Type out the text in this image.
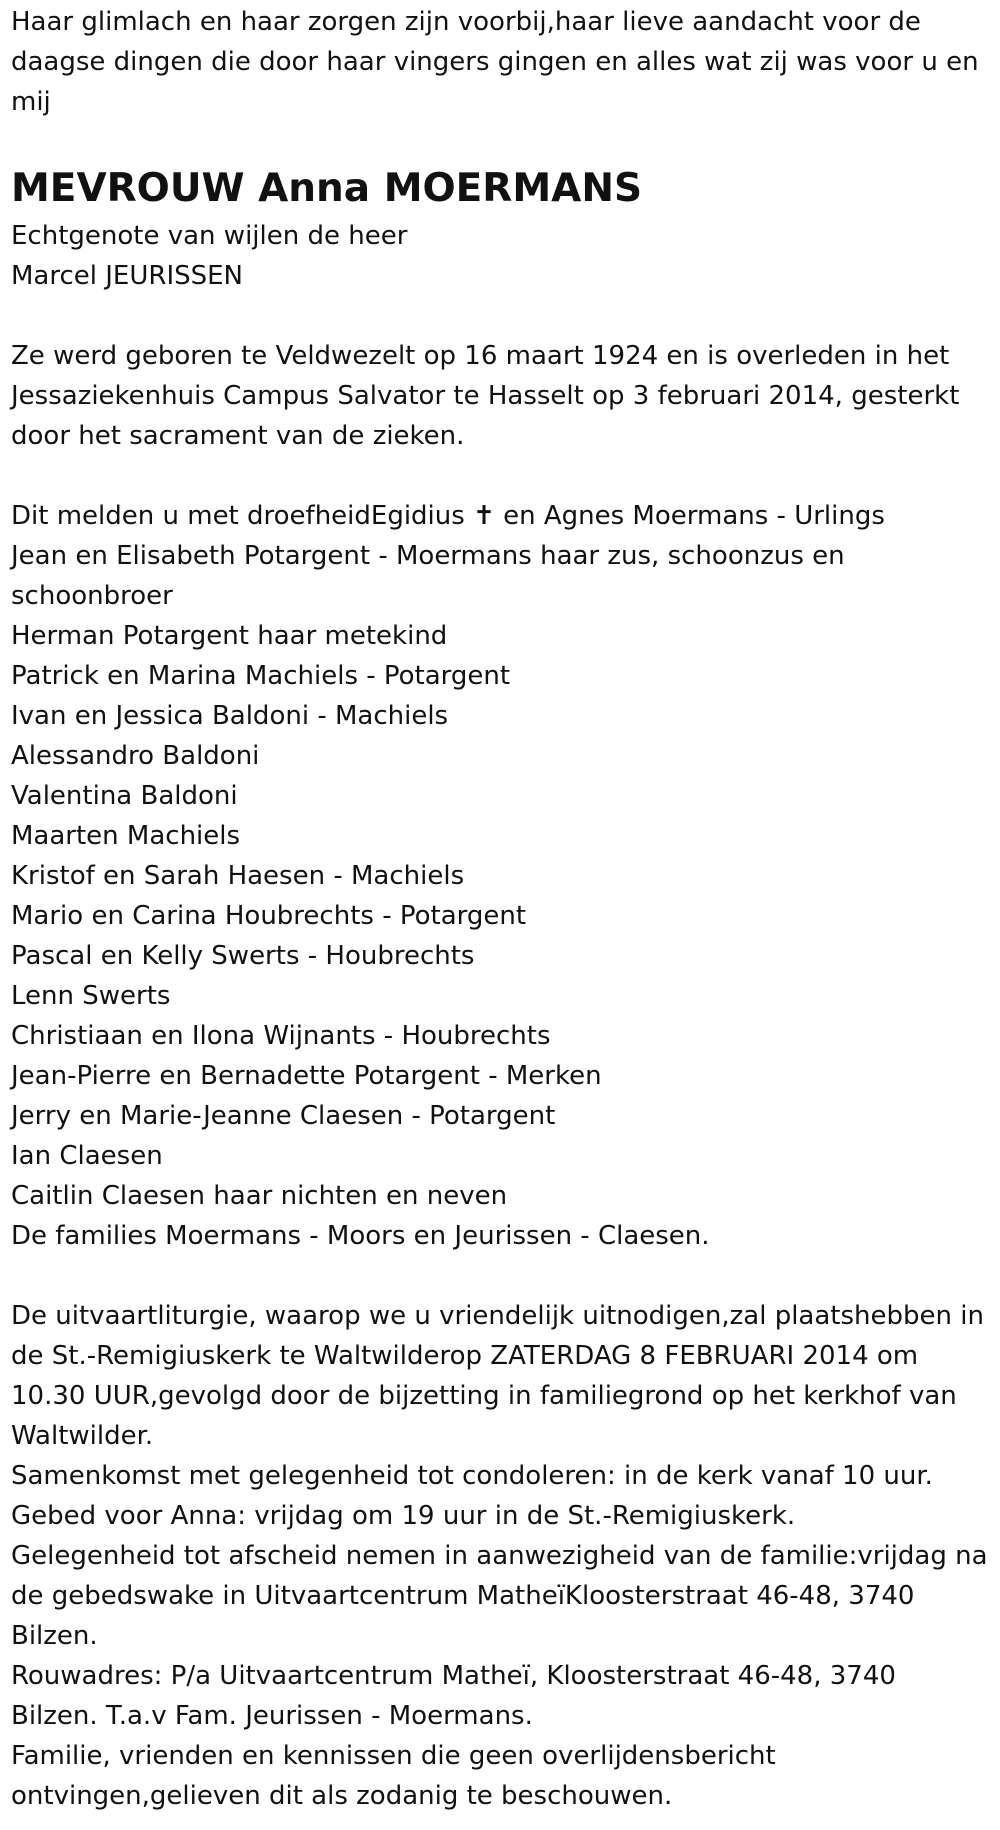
Haar glimlach en haar zorgen zijn voorbij,haar lieve aandacht voor de daagse dingen die door haar vingers gingen en alles wat zij was voor u en mij

MEVROUW Anna MOERMANS
Echtgenote van wijlen de heer
Marcel JEURISSEN

Ze werd geboren te Veldwezelt op 16 maart 1924 en is overleden in het Jessaziekenhuis Campus Salvator te Hasselt op 3 februari 2014, gesterkt door het sacrament van de zieken.

Dit melden u met droefheidEgidius ✝ en Agnes Moermans - Urlings
Jean en Elisabeth Potargent - Moermans haar zus, schoonzus en schoonbroer
Herman Potargent haar metekind
Patrick en Marina Machiels - Potargent
Ivan en Jessica Baldoni - Machiels
Alessandro Baldoni
Valentina Baldoni
Maarten Machiels
Kristof en Sarah Haesen - Machiels
Mario en Carina Houbrechts - Potargent
Pascal en Kelly Swerts - Houbrechts
Lenn Swerts
Christiaan en Ilona Wijnants - Houbrechts
Jean-Pierre en Bernadette Potargent - Merken
Jerry en Marie-Jeanne Claesen - Potargent
Ian Claesen
Caitlin Claesen haar nichten en neven
De families Moermans - Moors en Jeurissen - Claesen.
De uitvaartliturgie, waarop we u vriendelijk uitnodigen,zal plaatshebben in de St.-Remigiuskerk te Waltwilderop ZATERDAG 8 FEBRUARI 2014 om 10.30 UUR,gevolgd door de bijzetting in familiegrond op het kerkhof van Waltwilder.
Samenkomst met gelegenheid tot condoleren: in de kerk vanaf 10 uur.
Gebed voor Anna: vrijdag om 19 uur in de St.-Remigiuskerk.
Gelegenheid tot afscheid nemen in aanwezigheid van de familie:vrijdag na de gebedswake in Uitvaartcentrum MatheïKloosterstraat 46-48, 3740 Bilzen.
Rouwadres: P/a Uitvaartcentrum Matheï, Kloosterstraat 46-48, 3740 Bilzen. T.a.v Fam. Jeurissen - Moermans.
Familie, vrienden en kennissen die geen overlijdensbericht ontvingen,gelieven dit als zodanig te beschouwen.
